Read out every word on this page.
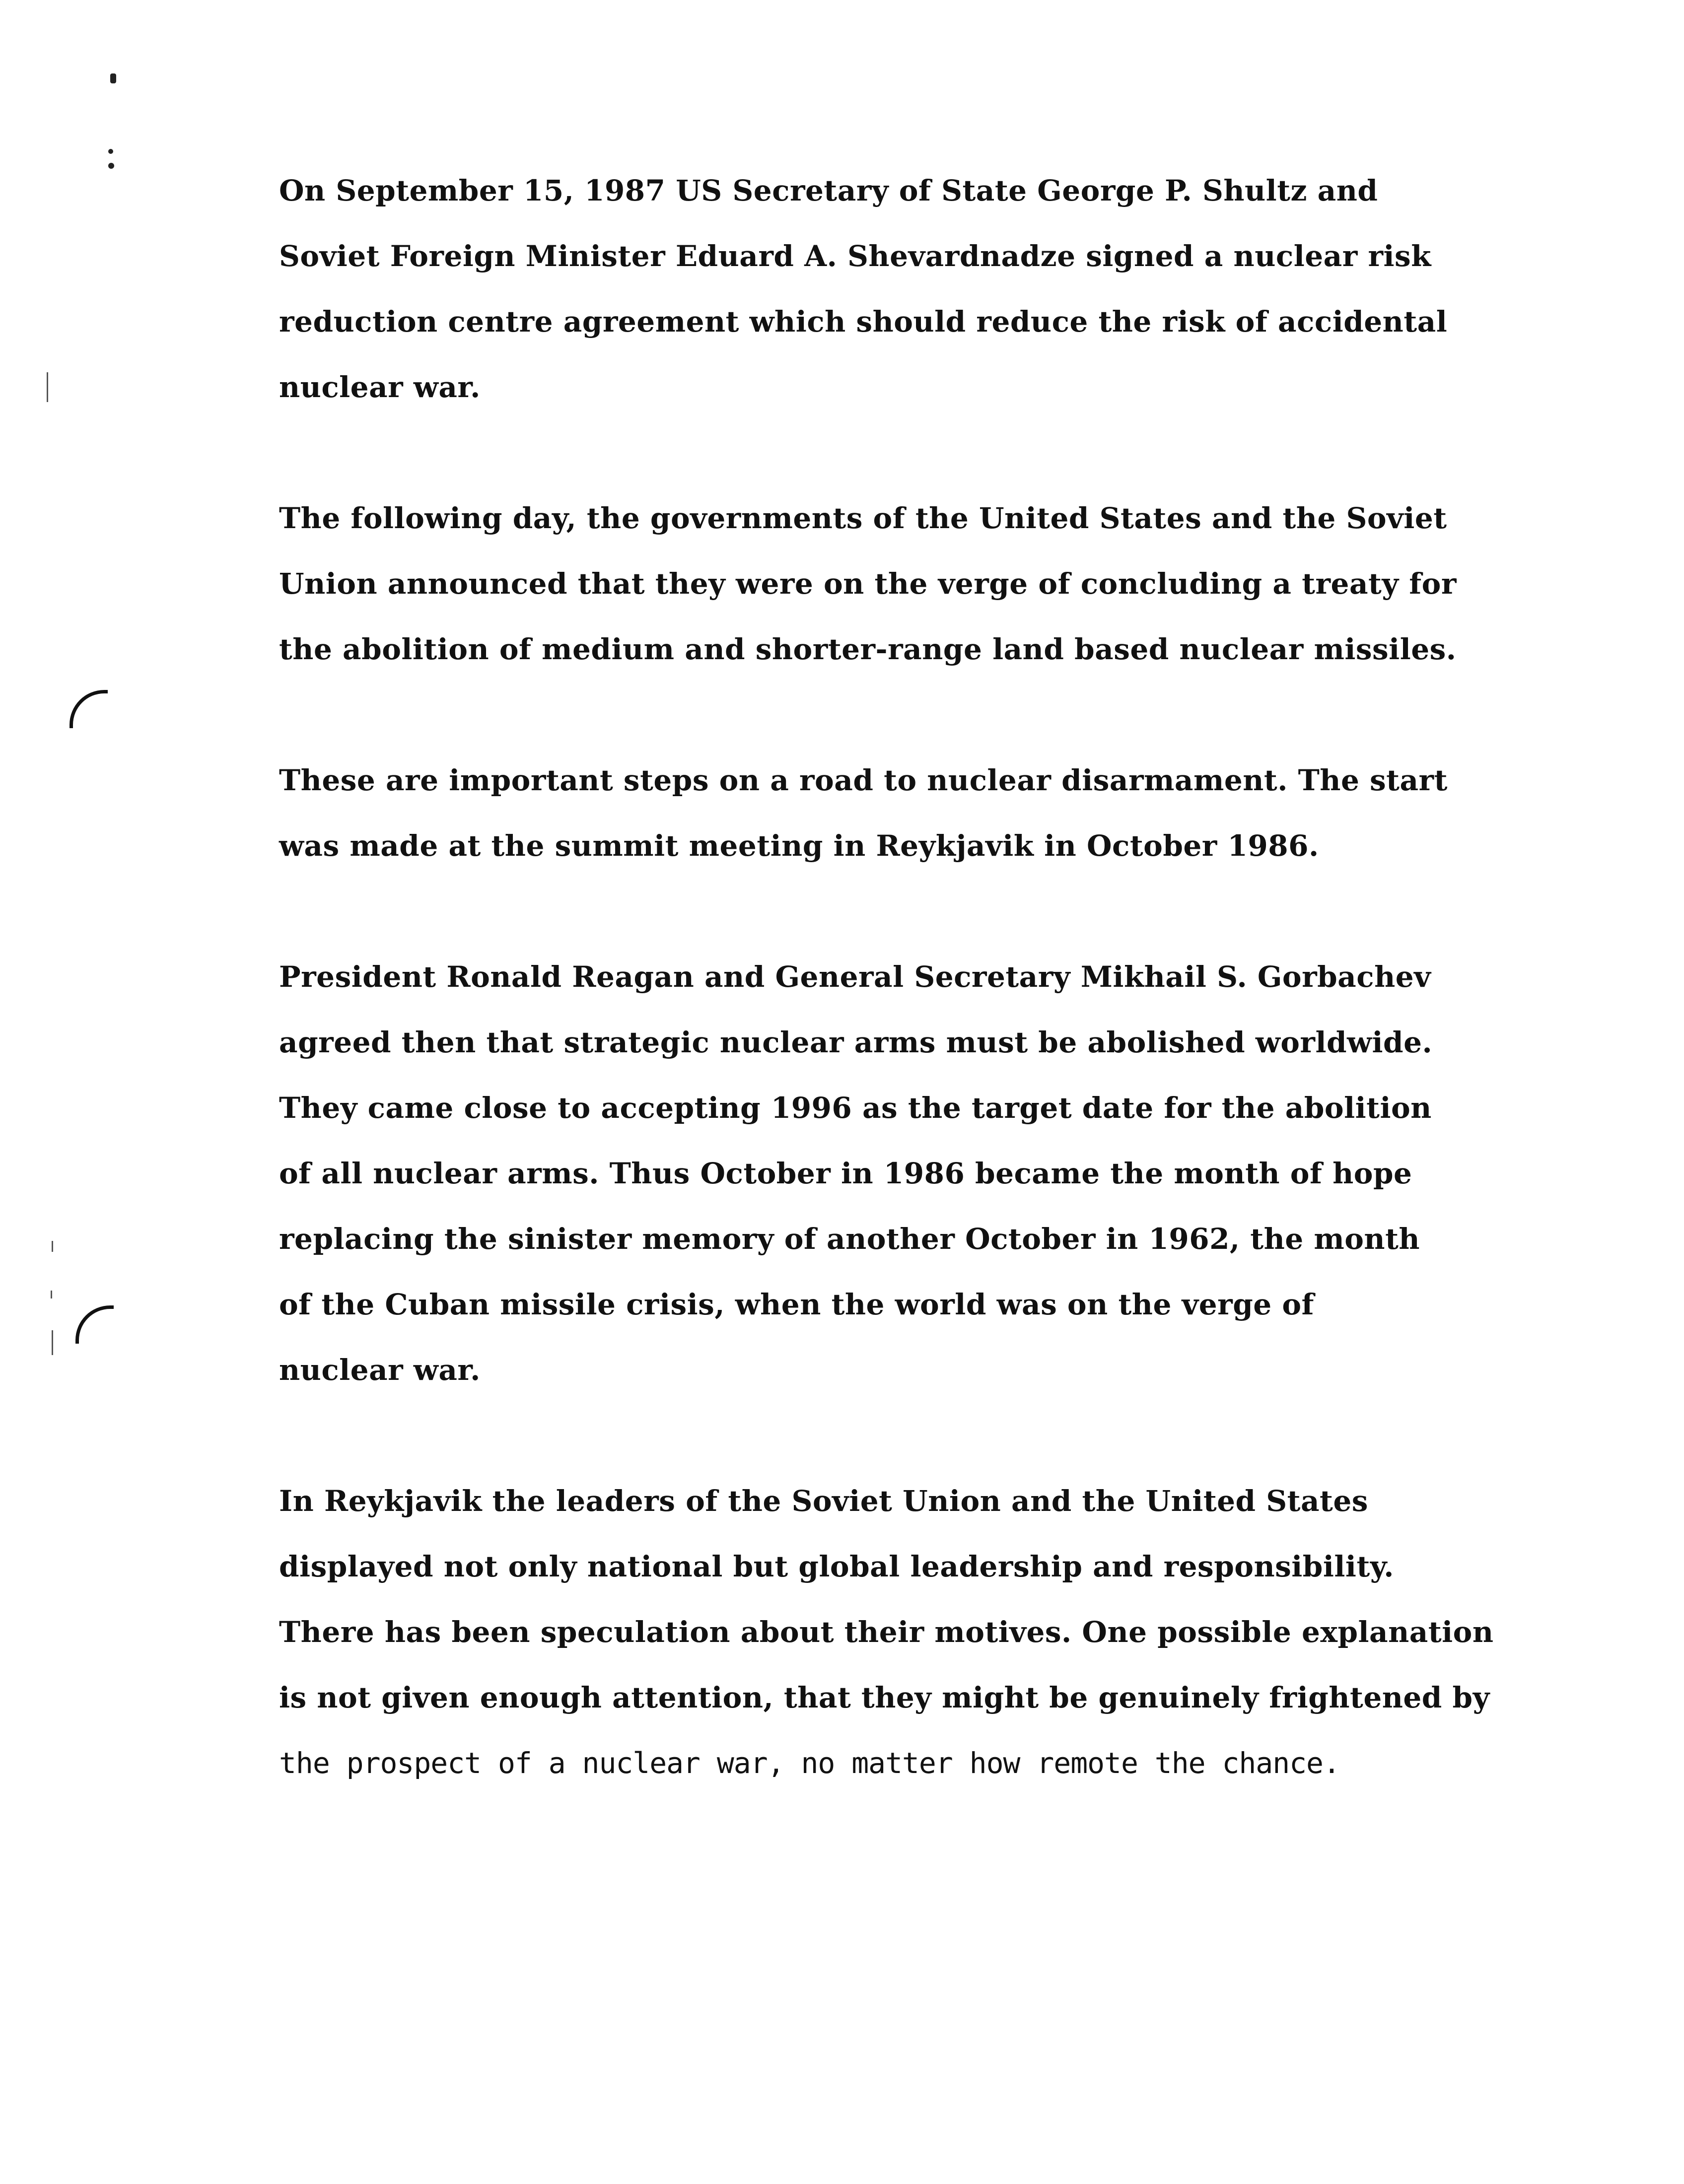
On September 15, 1987 US Secretary of State George P. Shultz and
Soviet Foreign Minister Eduard A. Shevardnadze signed a nuclear risk
reduction centre agreement which should reduce the risk of accidental
nuclear war.
The following day, the governments of the United States and the Soviet
Union announced that they were on the verge of concluding a treaty for
the abolition of medium and shorter-range land based nuclear missiles.
These are important steps on a road to nuclear disarmament. The start
was made at the summit meeting in Reykjavik in October 1986.
President Ronald Reagan and General Secretary Mikhail S. Gorbachev
agreed then that strategic nuclear arms must be abolished worldwide.
They came close to accepting 1996 as the target date for the abolition
of all nuclear arms. Thus October in 1986 became the month of hope
replacing the sinister memory of another October in 1962, the month
of the Cuban missile crisis, when the world was on the verge of
nuclear war.
In Reykjavik the leaders of the Soviet Union and the United States
displayed not only national but global leadership and responsibility.
There has been speculation about their motives. One possible explanation
is not given enough attention, that they might be genuinely frightened by
the prospect of a nuclear war, no matter how remote the chance.
